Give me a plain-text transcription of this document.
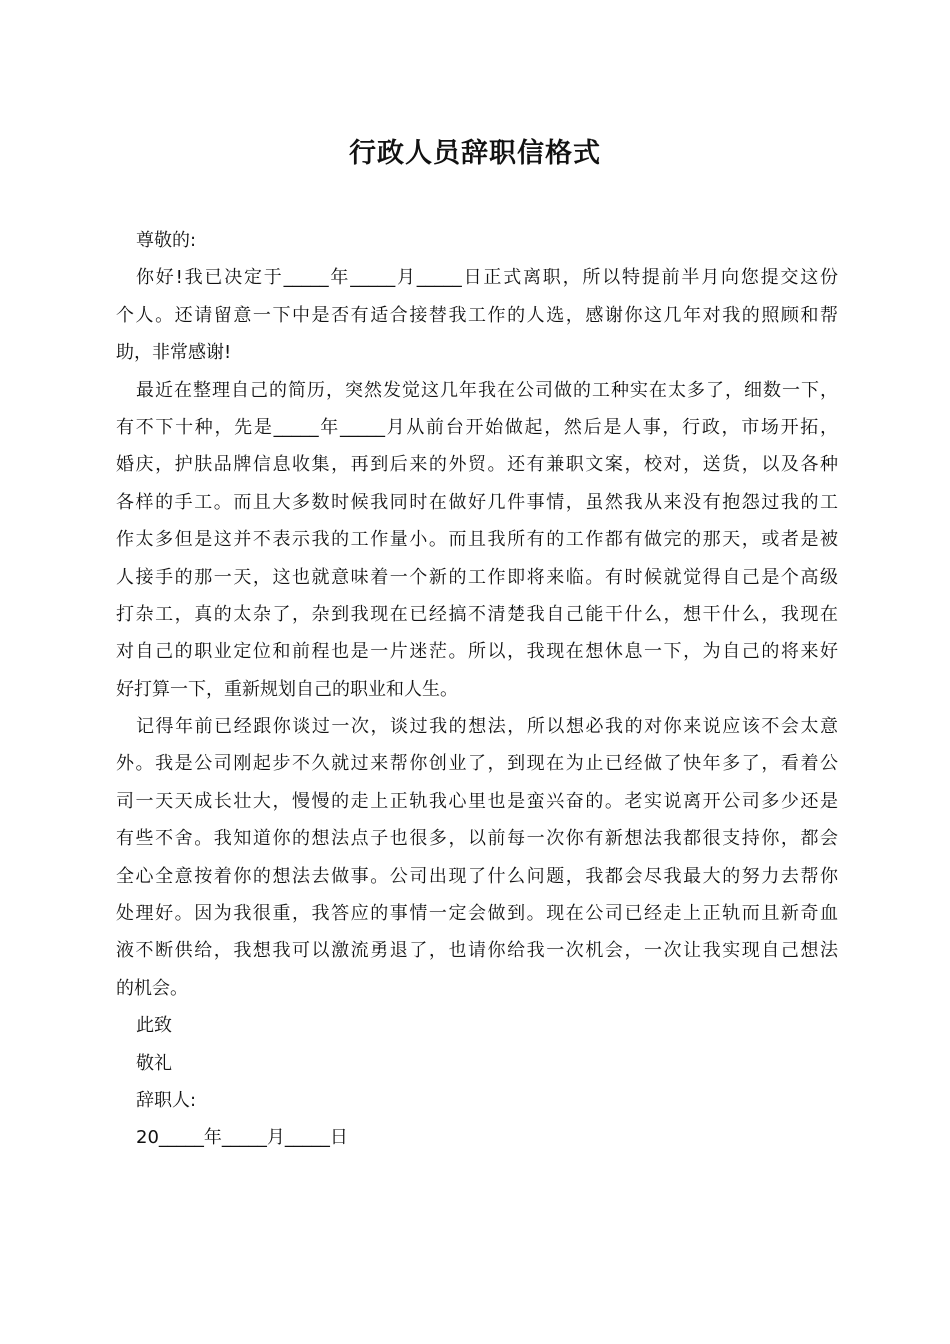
行政人员辞职信格式
尊敬的:
你好!我已决定于_____年_____月_____日正式离职，所以特提前半月向您提交这份
个人。还请留意一下中是否有适合接替我工作的人选，感谢你这几年对我的照顾和帮
助，非常感谢!
最近在整理自己的简历，突然发觉这几年我在公司做的工种实在太多了，细数一下，
有不下十种，先是_____年_____月从前台开始做起，然后是人事，行政，市场开拓，
婚庆，护肤品牌信息收集，再到后来的外贸。还有兼职文案，校对，送货，以及各种
各样的手工。而且大多数时候我同时在做好几件事情，虽然我从来没有抱怨过我的工
作太多但是这并不表示我的工作量小。而且我所有的工作都有做完的那天，或者是被
人接手的那一天，这也就意味着一个新的工作即将来临。有时候就觉得自己是个高级
打杂工，真的太杂了，杂到我现在已经搞不清楚我自己能干什么，想干什么，我现在
对自己的职业定位和前程也是一片迷茫。所以，我现在想休息一下，为自己的将来好
好打算一下，重新规划自己的职业和人生。
记得年前已经跟你谈过一次，谈过我的想法，所以想必我的对你来说应该不会太意
外。我是公司刚起步不久就过来帮你创业了，到现在为止已经做了快年多了，看着公
司一天天成长壮大，慢慢的走上正轨我心里也是蛮兴奋的。老实说离开公司多少还是
有些不舍。我知道你的想法点子也很多，以前每一次你有新想法我都很支持你，都会
全心全意按着你的想法去做事。公司出现了什么问题，我都会尽我最大的努力去帮你
处理好。因为我很重，我答应的事情一定会做到。现在公司已经走上正轨而且新奇血
液不断供给，我想我可以激流勇退了，也请你给我一次机会，一次让我实现自己想法
的机会。
此致
敬礼
辞职人:
20_____年_____月_____日
